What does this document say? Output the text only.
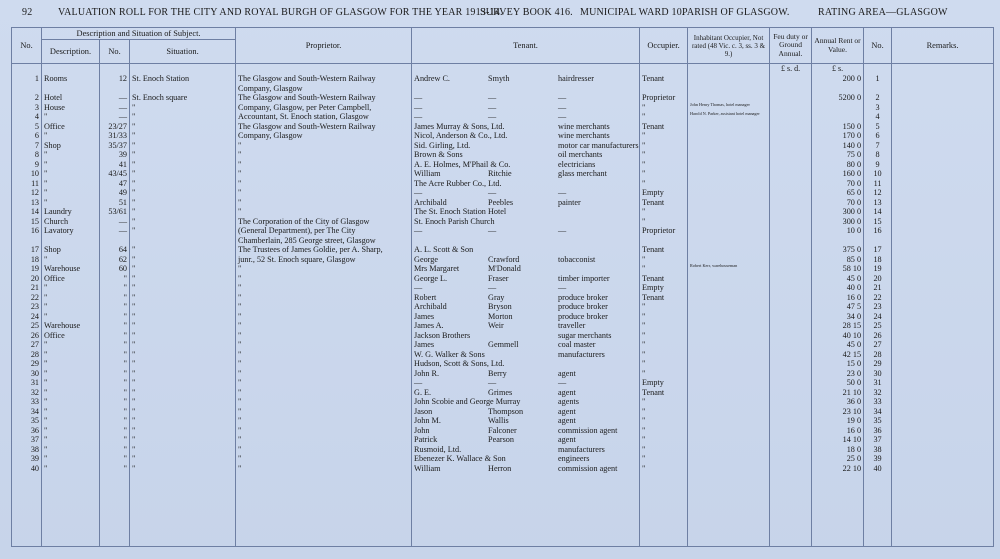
92	VALUATION ROLL FOR THE CITY AND ROYAL BURGH OF GLASGOW FOR THE YEAR 1913-14.
SURVEY BOOK 416. MUNICIPAL WARD 10.
PARISH OF GLASGOW.	RATING AREA—GLASGOW
No.	Description and Situation of Subject.			Proprietor.	Tenant.	Occupier.	Inhabitant Occupier, Not rated (48 Vic. c. 3, ss. 3 & 9.)	Feu duty or Ground Annual.	Annual Rent or Value.	No.	Remarks.
	Description.	No.	Situation.								
								£ s. d.	£ s.		
1	Rooms	12	St. Enoch Station	The Glasgow and South-Western Railway	Andrew C. Smyth hairdresser	Tenant			200 0	1	
				Company, Glasgow	

2	Hotel	—	St. Enoch square	The Glasgow and South-Western Railway	— — —	Proprietor			5200 0	2	
3	House	—	"	Company, Glasgow, per Peter Campbell,	— — —	"	John Henry Thomas, hotel manager			3	
4	"	—	"	Accountant, St. Enoch station, Glasgow	— — —	"	Harold N. Parker, assistant hotel manager			4	
5	Office	23/27	"	The Glasgow and South-Western Railway	James Murray & Sons, Ltd. wine merchants	Tenant			150 0	5	
6	"	31/33	"	Company, Glasgow	Nicol, Anderson & Co., Ltd. wine merchants	"			170 0	6	
7	Shop	35/37	"	"	Sid. Girling, Ltd. motor car manufacturers	"			140 0	7	
8	"	39	"	"	Brown & Sons oil merchants	"			75 0	8	
9	"	41	"	"	A. E. Holmes, M'Phail & Co. electricians	"			80 0	9	
10	"	43/45	"	"	William Ritchie glass merchant	"			160 0	10	
11	"	47	"	"	The Acre Rubber Co., Ltd.	"			70 0	11	
12	"	49	"	"	— — —	Empty			65 0	12	
13	"	51	"	"	Archibald Peebles painter	Tenant			70 0	13	
14	Laundry	53/61	"	"	The St. Enoch Station Hotel	"			300 0	14	
15	Church	—	"	The Corporation of the City of Glasgow	St. Enoch Parish Church	"			300 0	15	
16	Lavatory	—	"	(General Department), per The City	— — —	Proprietor			10 0	16	
				Chamberlain, 285 George street, Glasgow	

17	Shop	64	"	The Trustees of James Goldie, per A. Sharp,	A. L. Scott & Son	Tenant			375 0	17	
18	"	62	"	junr., 52 St. Enoch square, Glasgow	George Crawford tobacconist	"			85 0	18	
19	Warehouse	60	"	"	Mrs Margaret M'Donald	"	Robert Kerr, warehouseman		58 10	19	
20	Office	"	"	"	George L. Fraser timber importer	Tenant			45 0	20	
21	"	"	"	"	— — —	Empty			40 0	21	
22	"	"	"	"	Robert Gray produce broker	Tenant			16 0	22	
23	"	"	"	"	Archibald Bryson produce broker	"			47 5	23	
24	"	"	"	"	James Morton produce broker	"			34 0	24	
25	Warehouse	"	"	"	James A. Weir traveller	"			28 15	25	
26	Office	"	"	"	Jackson Brothers sugar merchants	"			40 10	26	
27	"	"	"	"	James Gemmell coal master	"			45 0	27	
28	"	"	"	"	W. G. Walker & Sons manufacturers	"			42 15	28	
29	"	"	"	"	Hudson, Scott & Sons, Ltd.	"			15 0	29	
30	"	"	"	"	John R. Berry agent	"			23 0	30	
31	"	"	"	"	— — —	Empty			50 0	31	
32	"	"	"	"	G. E. Grimes agent	Tenant			21 10	32	
33	"	"	"	"	John Scobie and George Murray agents	"			36 0	33	
34	"	"	"	"	Jason Thompson agent	"			23 10	34	
35	"	"	"	"	John M. Wallis agent	"			19 0	35	
36	"	"	"	"	John Falconer commission agent	"			16 0	36	
37	"	"	"	"	Patrick Pearson agent	"			14 10	37	
38	"	"	"	"	Rusmoid, Ltd. manufacturers	"			18 0	38	
39	"	"	"	"	Ebenezer K. Wallace & Son engineers	"			25 0	39	
40	"	"	"	"	William Herron commission agent	"			22 10	40	
